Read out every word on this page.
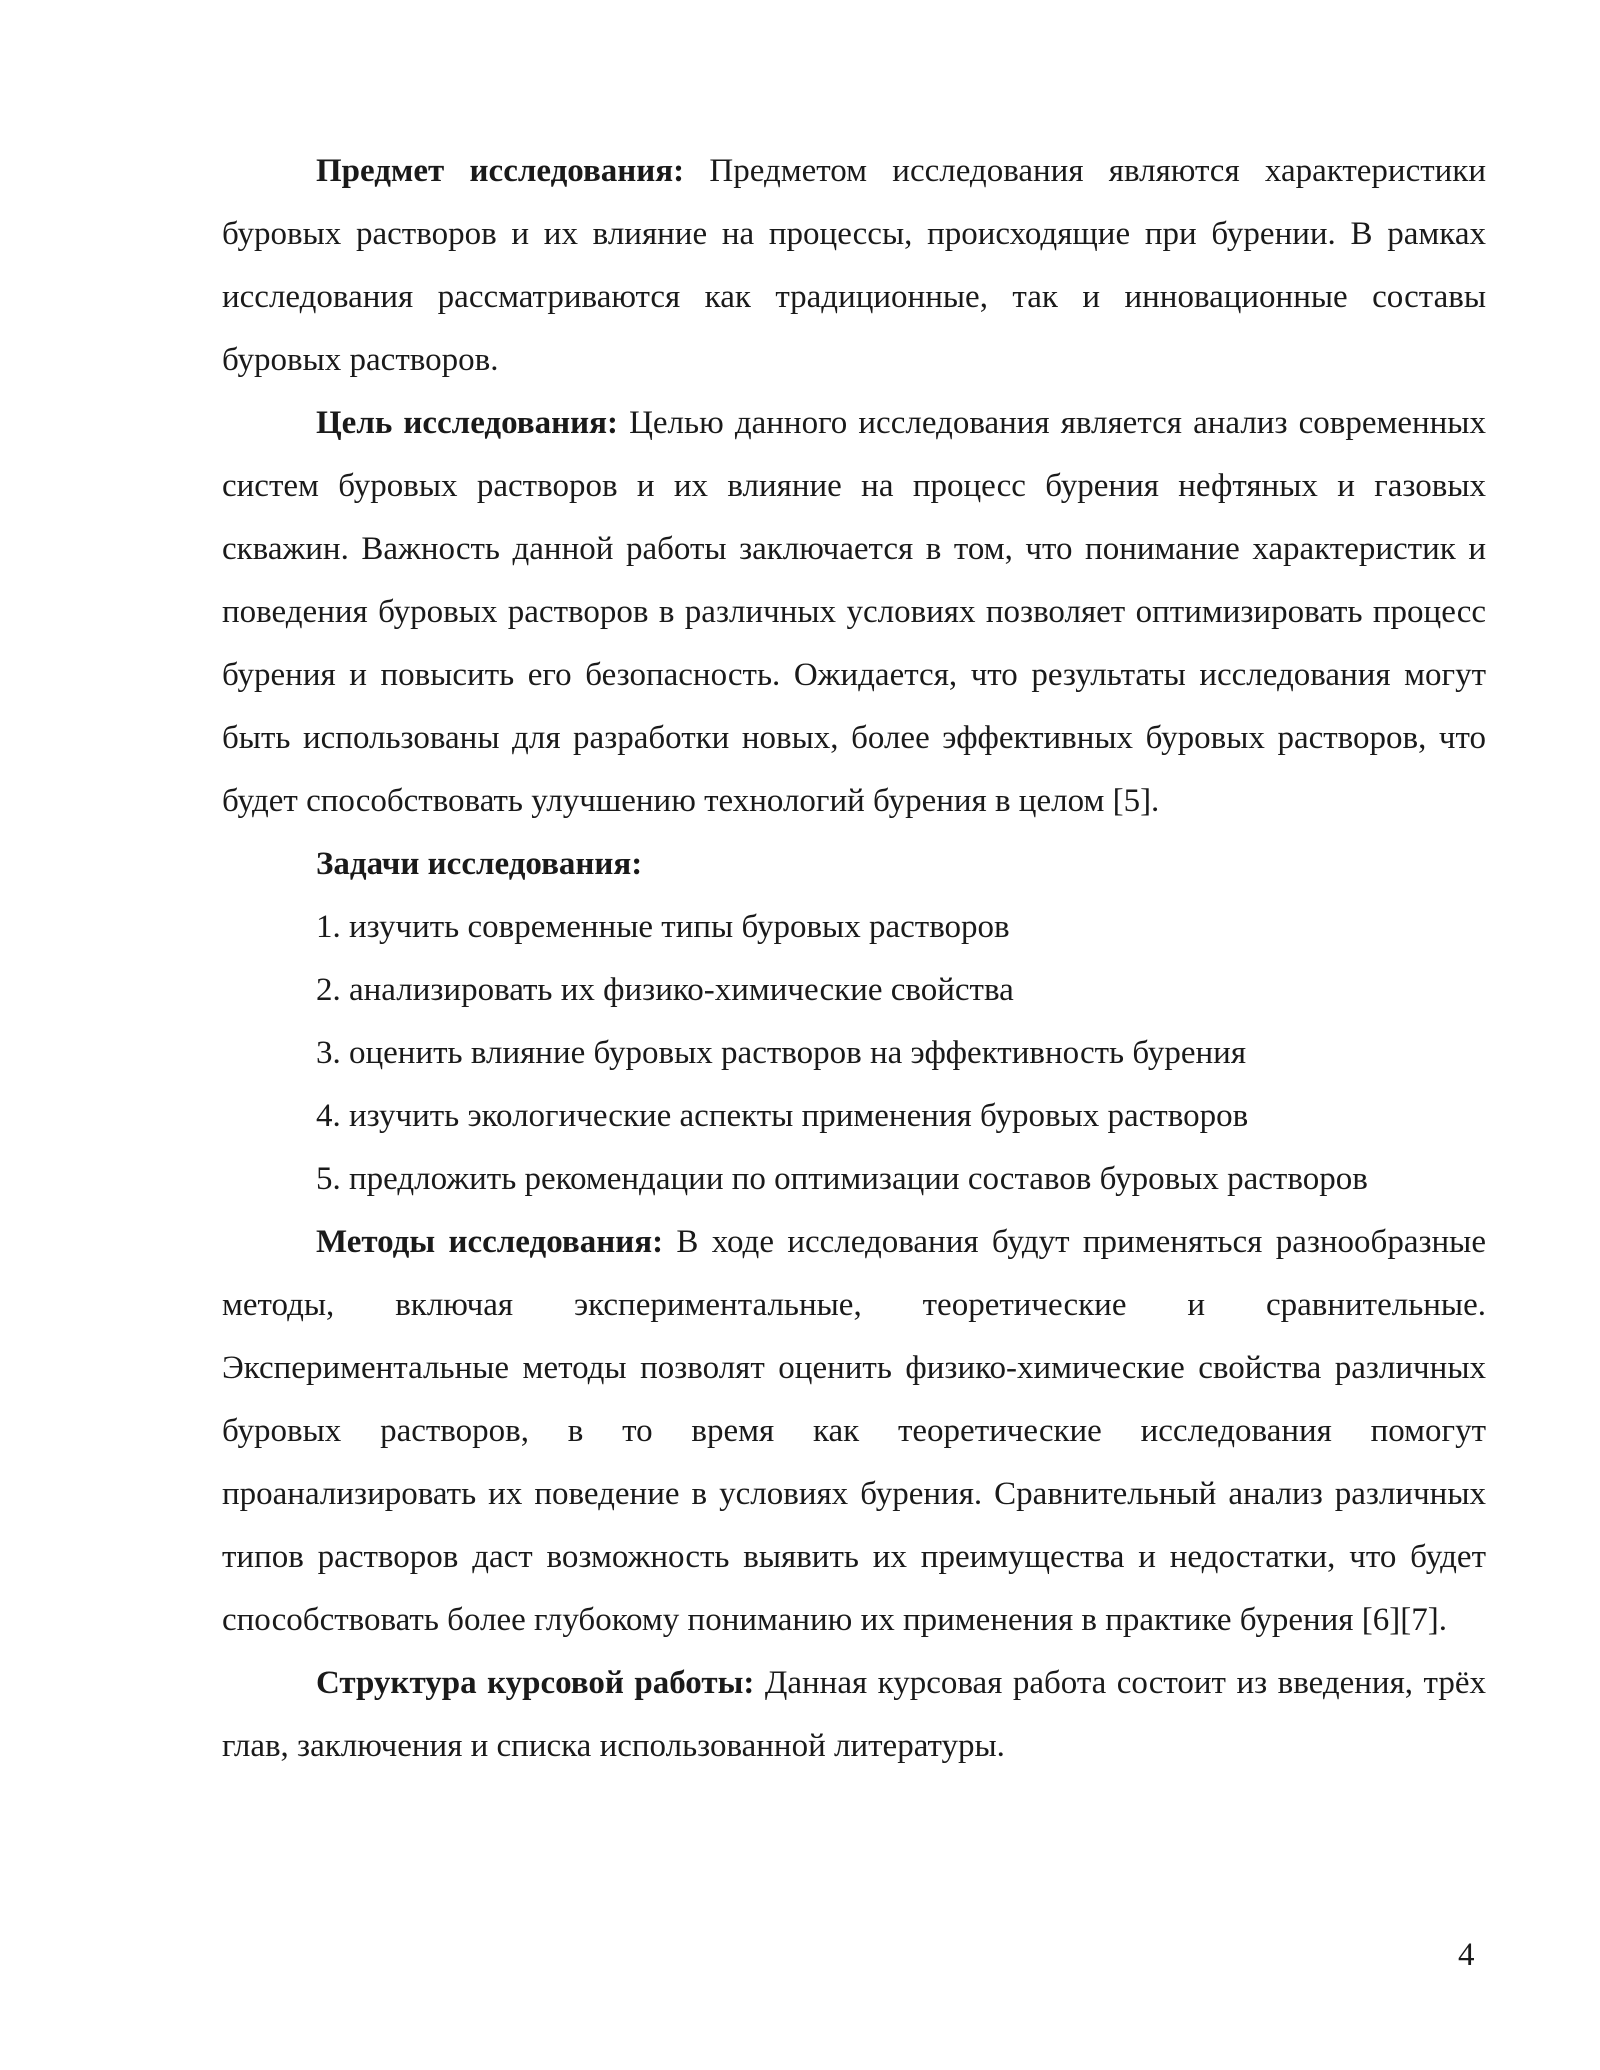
Предмет исследования: Предметом исследования являются характеристики буровых растворов и их влияние на процессы, происходящие при бурении. В рамках исследования рассматриваются как традиционные, так и инновационные составы буровых растворов.

Цель исследования: Целью данного исследования является анализ современных систем буровых растворов и их влияние на процесс бурения нефтяных и газовых скважин. Важность данной работы заключается в том, что понимание характеристик и поведения буровых растворов в различных условиях позволяет оптимизировать процесс бурения и повысить его безопасность. Ожидается, что результаты исследования могут быть использованы для разработки новых, более эффективных буровых растворов, что будет способствовать улучшению технологий бурения в целом [5].

Задачи исследования:

1. изучить современные типы буровых растворов

2. анализировать их физико-химические свойства

3. оценить влияние буровых растворов на эффективность бурения

4. изучить экологические аспекты применения буровых растворов

5. предложить рекомендации по оптимизации составов буровых растворов

Методы исследования: В ходе исследования будут применяться разнообразные методы, включая экспериментальные, теоретические и сравнительные. Экспериментальные методы позволят оценить физико-химические свойства различных буровых растворов, в то время как теоретические исследования помогут проанализировать их поведение в условиях бурения. Сравнительный анализ различных типов растворов даст возможность выявить их преимущества и недостатки, что будет способствовать более глубокому пониманию их применения в практике бурения [6][7].

Структура курсовой работы: Данная курсовая работа состоит из введения, трёх глав, заключения и списка использованной литературы.

4
